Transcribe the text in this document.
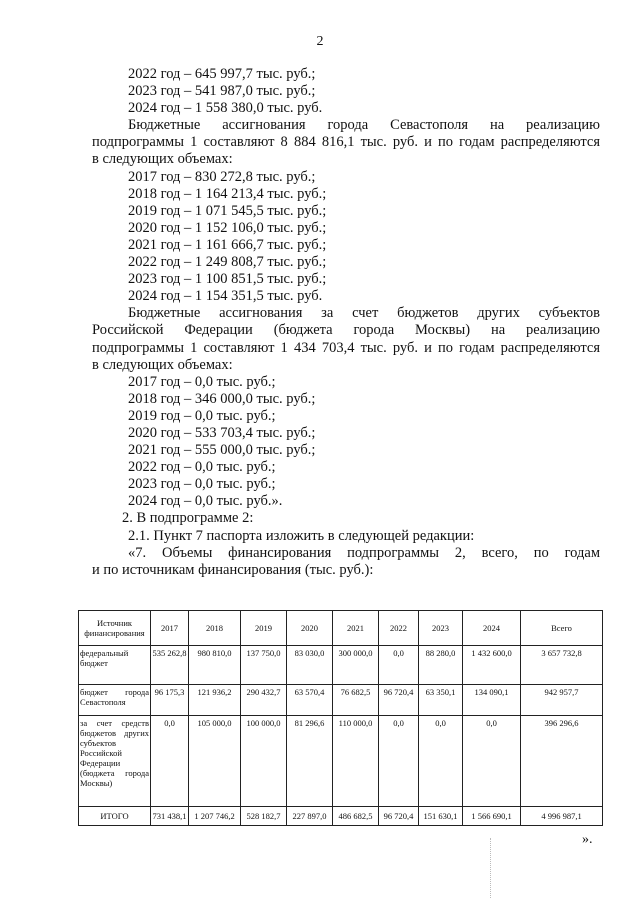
2
2022 год – 645 997,7 тыс. руб.;
2023 год – 541 987,0 тыс. руб.;
2024 год – 1 558 380,0 тыс. руб.
Бюджетные ассигнования города Севастополя на реализацию
подпрограммы 1 составляют 8 884 816,1 тыс. руб. и по годам распределяются
в следующих объемах:
2017 год – 830 272,8 тыс. руб.;
2018 год – 1 164 213,4 тыс. руб.;
2019 год – 1 071 545,5 тыс. руб.;
2020 год – 1 152 106,0 тыс. руб.;
2021 год – 1 161 666,7 тыс. руб.;
2022 год – 1 249 808,7 тыс. руб.;
2023 год – 1 100 851,5 тыс. руб.;
2024 год – 1 154 351,5 тыс. руб.
Бюджетные ассигнования за счет бюджетов других субъектов
Российской Федерации (бюджета города Москвы) на реализацию
подпрограммы 1 составляют 1 434 703,4 тыс. руб. и по годам распределяются
в следующих объемах:
2017 год – 0,0 тыс. руб.;
2018 год – 346 000,0 тыс. руб.;
2019 год – 0,0 тыс. руб.;
2020 год – 533 703,4 тыс. руб.;
2021 год – 555 000,0 тыс. руб.;
2022 год – 0,0 тыс. руб.;
2023 год – 0,0 тыс. руб.;
2024 год – 0,0 тыс. руб.».
2. В подпрограмме 2:
2.1. Пункт 7 паспорта изложить в следующей редакции:
«7. Объемы финансирования подпрограммы 2, всего, по годам
и по источникам финансирования (тыс. руб.):
Источник финансирования	2017	2018	2019	2020	2021	2022	2023	2024	Всего
федеральный бюджет	535 262,8	980 810,0	137 750,0	83 030,0	300 000,0	0,0	88 280,0	1 432 600,0	3 657 732,8
бюджет города Севастополя	96 175,3	121 936,2	290 432,7	63 570,4	76 682,5	96 720,4	63 350,1	134 090,1	942 957,7
за счет средств бюджетов других субъектов Российской Федерации (бюджета города Москвы)	0,0	105 000,0	100 000,0	81 296,6	110 000,0	0,0	0,0	0,0	396 296,6
ИТОГО	731 438,1	1 207 746,2	528 182,7	227 897,0	486 682,5	96 720,4	151 630,1	1 566 690,1	4 996 987,1
».
